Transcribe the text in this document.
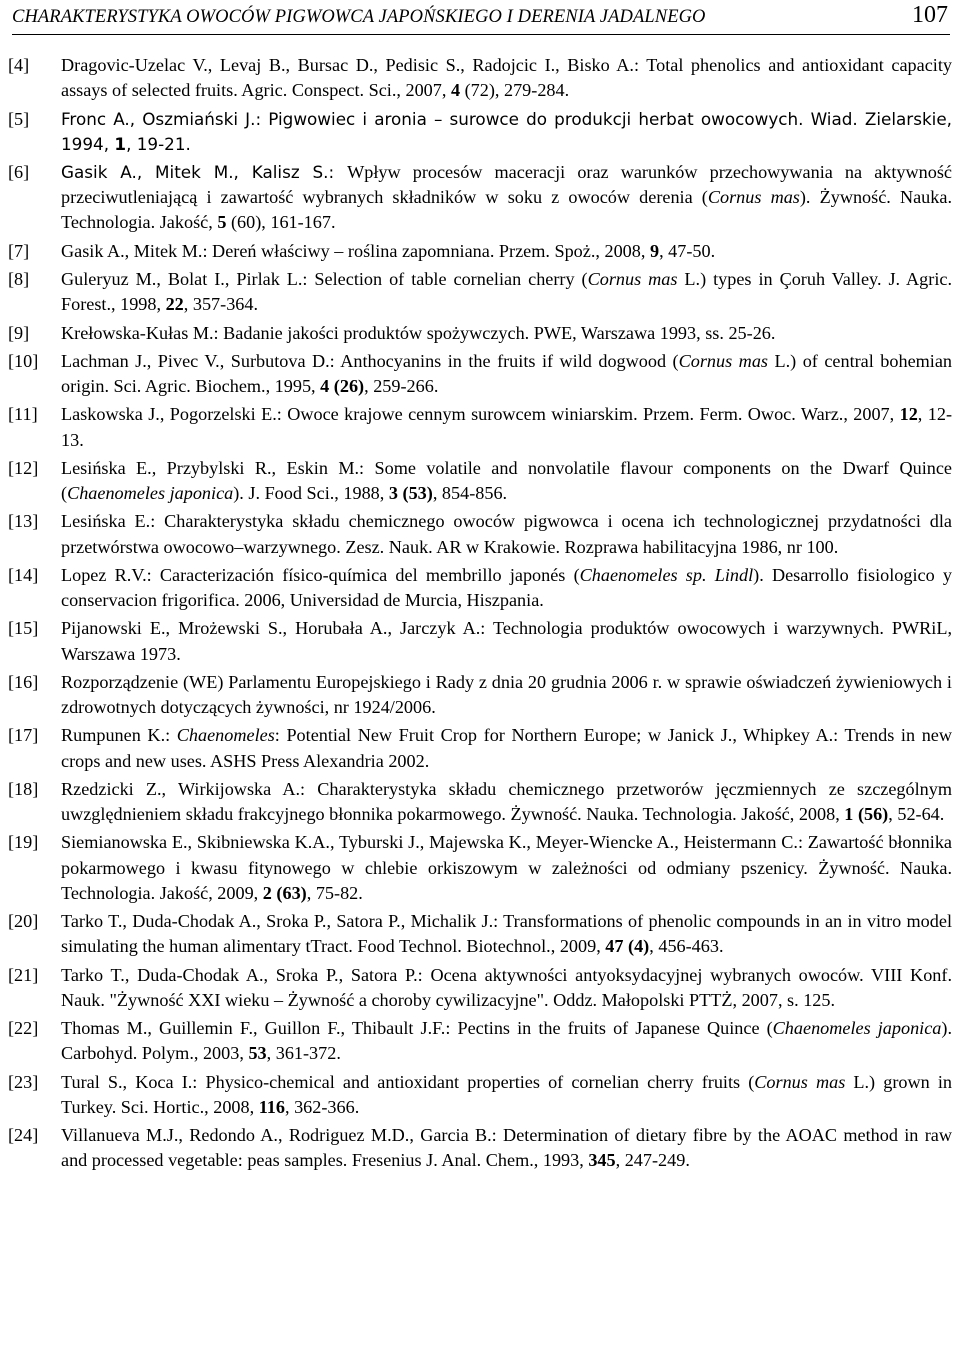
CHARAKTERYSTYKA OWOCÓW PIGWOWCA JAPOŃSKIEGO I DERENIA JADALNEGO	107
[4]	Dragovic-Uzelac V., Levaj B., Bursac D., Pedisic S., Radojcic I., Bisko A.: Total phenolics and antioxidant capacity assays of selected fruits. Agric. Conspect. Sci., 2007, 4 (72), 279-284.
[5]	Fronc A., Oszmiański J.: Pigwowiec i aronia – surowce do produkcji herbat owocowych. Wiad. Zielarskie, 1994, 1, 19-21.
[6]	Gasik A., Mitek M., Kalisz S.: Wpływ procesów maceracji oraz warunków przechowywania na aktywność przeciwutleniającą i zawartość wybranych składników w soku z owoców derenia (Cornus mas). Żywność. Nauka. Technologia. Jakość, 5 (60), 161-167.
[7]	Gasik A., Mitek M.: Dereń właściwy – roślina zapomniana. Przem. Spoż., 2008, 9, 47-50.
[8]	Guleryuz M., Bolat I., Pirlak L.: Selection of table cornelian cherry (Cornus mas L.) types in Çoruh Valley. J. Agric. Forest., 1998, 22, 357-364.
[9]	Krełowska-Kułas M.: Badanie jakości produktów spożywczych. PWE, Warszawa 1993, ss. 25-26.
[10]	Lachman J., Pivec V., Surbutova D.: Anthocyanins in the fruits if wild dogwood (Cornus mas L.) of central bohemian origin. Sci. Agric. Biochem., 1995, 4 (26), 259-266.
[11]	Laskowska J., Pogorzelski E.: Owoce krajowe cennym surowcem winiarskim. Przem. Ferm. Owoc. Warz., 2007, 12, 12-13.
[12]	Lesińska E., Przybylski R., Eskin M.: Some volatile and nonvolatile flavour components on the Dwarf Quince (Chaenomeles japonica). J. Food Sci., 1988, 3 (53), 854-856.
[13]	Lesińska E.: Charakterystyka składu chemicznego owoców pigwowca i ocena ich technologicznej przydatności dla przetwórstwa owocowo–warzywnego. Zesz. Nauk. AR w Krakowie. Rozprawa habilitacyjna 1986, nr 100.
[14]	Lopez R.V.: Caracterización físico-química del membrillo japonés (Chaenomeles sp. Lindl). Desarrollo fisiologico y conservacion frigorifica. 2006, Universidad de Murcia, Hiszpania.
[15]	Pijanowski E., Mrożewski S., Horubała A., Jarczyk A.: Technologia produktów owocowych i warzywnych. PWRiL, Warszawa 1973.
[16]	Rozporządzenie (WE) Parlamentu Europejskiego i Rady z dnia 20 grudnia 2006 r. w sprawie oświadczeń żywieniowych i zdrowotnych dotyczących żywności, nr 1924/2006.
[17]	Rumpunen K.: Chaenomeles: Potential New Fruit Crop for Northern Europe; w Janick J., Whipkey A.: Trends in new crops and new uses. ASHS Press Alexandria 2002.
[18]	Rzedzicki Z., Wirkijowska A.: Charakterystyka składu chemicznego przetworów jęczmiennych ze szczególnym uwzględnieniem składu frakcyjnego błonnika pokarmowego. Żywność. Nauka. Technologia. Jakość, 2008, 1 (56), 52-64.
[19]	Siemianowska E., Skibniewska K.A., Tyburski J., Majewska K., Meyer-Wiencke A., Heistermann C.: Zawartość błonnika pokarmowego i kwasu fitynowego w chlebie orkiszowym w zależności od odmiany pszenicy. Żywność. Nauka. Technologia. Jakość, 2009, 2 (63), 75-82.
[20]	Tarko T., Duda-Chodak A., Sroka P., Satora P., Michalik J.: Transformations of phenolic compounds in an in vitro model simulating the human alimentary tTract. Food Technol. Biotechnol., 2009, 47 (4), 456-463.
[21]	Tarko T., Duda-Chodak A., Sroka P., Satora P.: Ocena aktywności antyoksydacyjnej wybranych owoców. VIII Konf. Nauk. "Żywność XXI wieku – Żywność a choroby cywilizacyjne". Oddz. Małopolski PTTŻ, 2007, s. 125.
[22]	Thomas M., Guillemin F., Guillon F., Thibault J.F.: Pectins in the fruits of Japanese Quince (Chaenomeles japonica). Carbohyd. Polym., 2003, 53, 361-372.
[23]	Tural S., Koca I.: Physico-chemical and antioxidant properties of cornelian cherry fruits (Cornus mas L.) grown in Turkey. Sci. Hortic., 2008, 116, 362-366.
[24]	Villanueva M.J., Redondo A., Rodriguez M.D., Garcia B.: Determination of dietary fibre by the AOAC method in raw and processed vegetable: peas samples. Fresenius J. Anal. Chem., 1993, 345, 247-249.
